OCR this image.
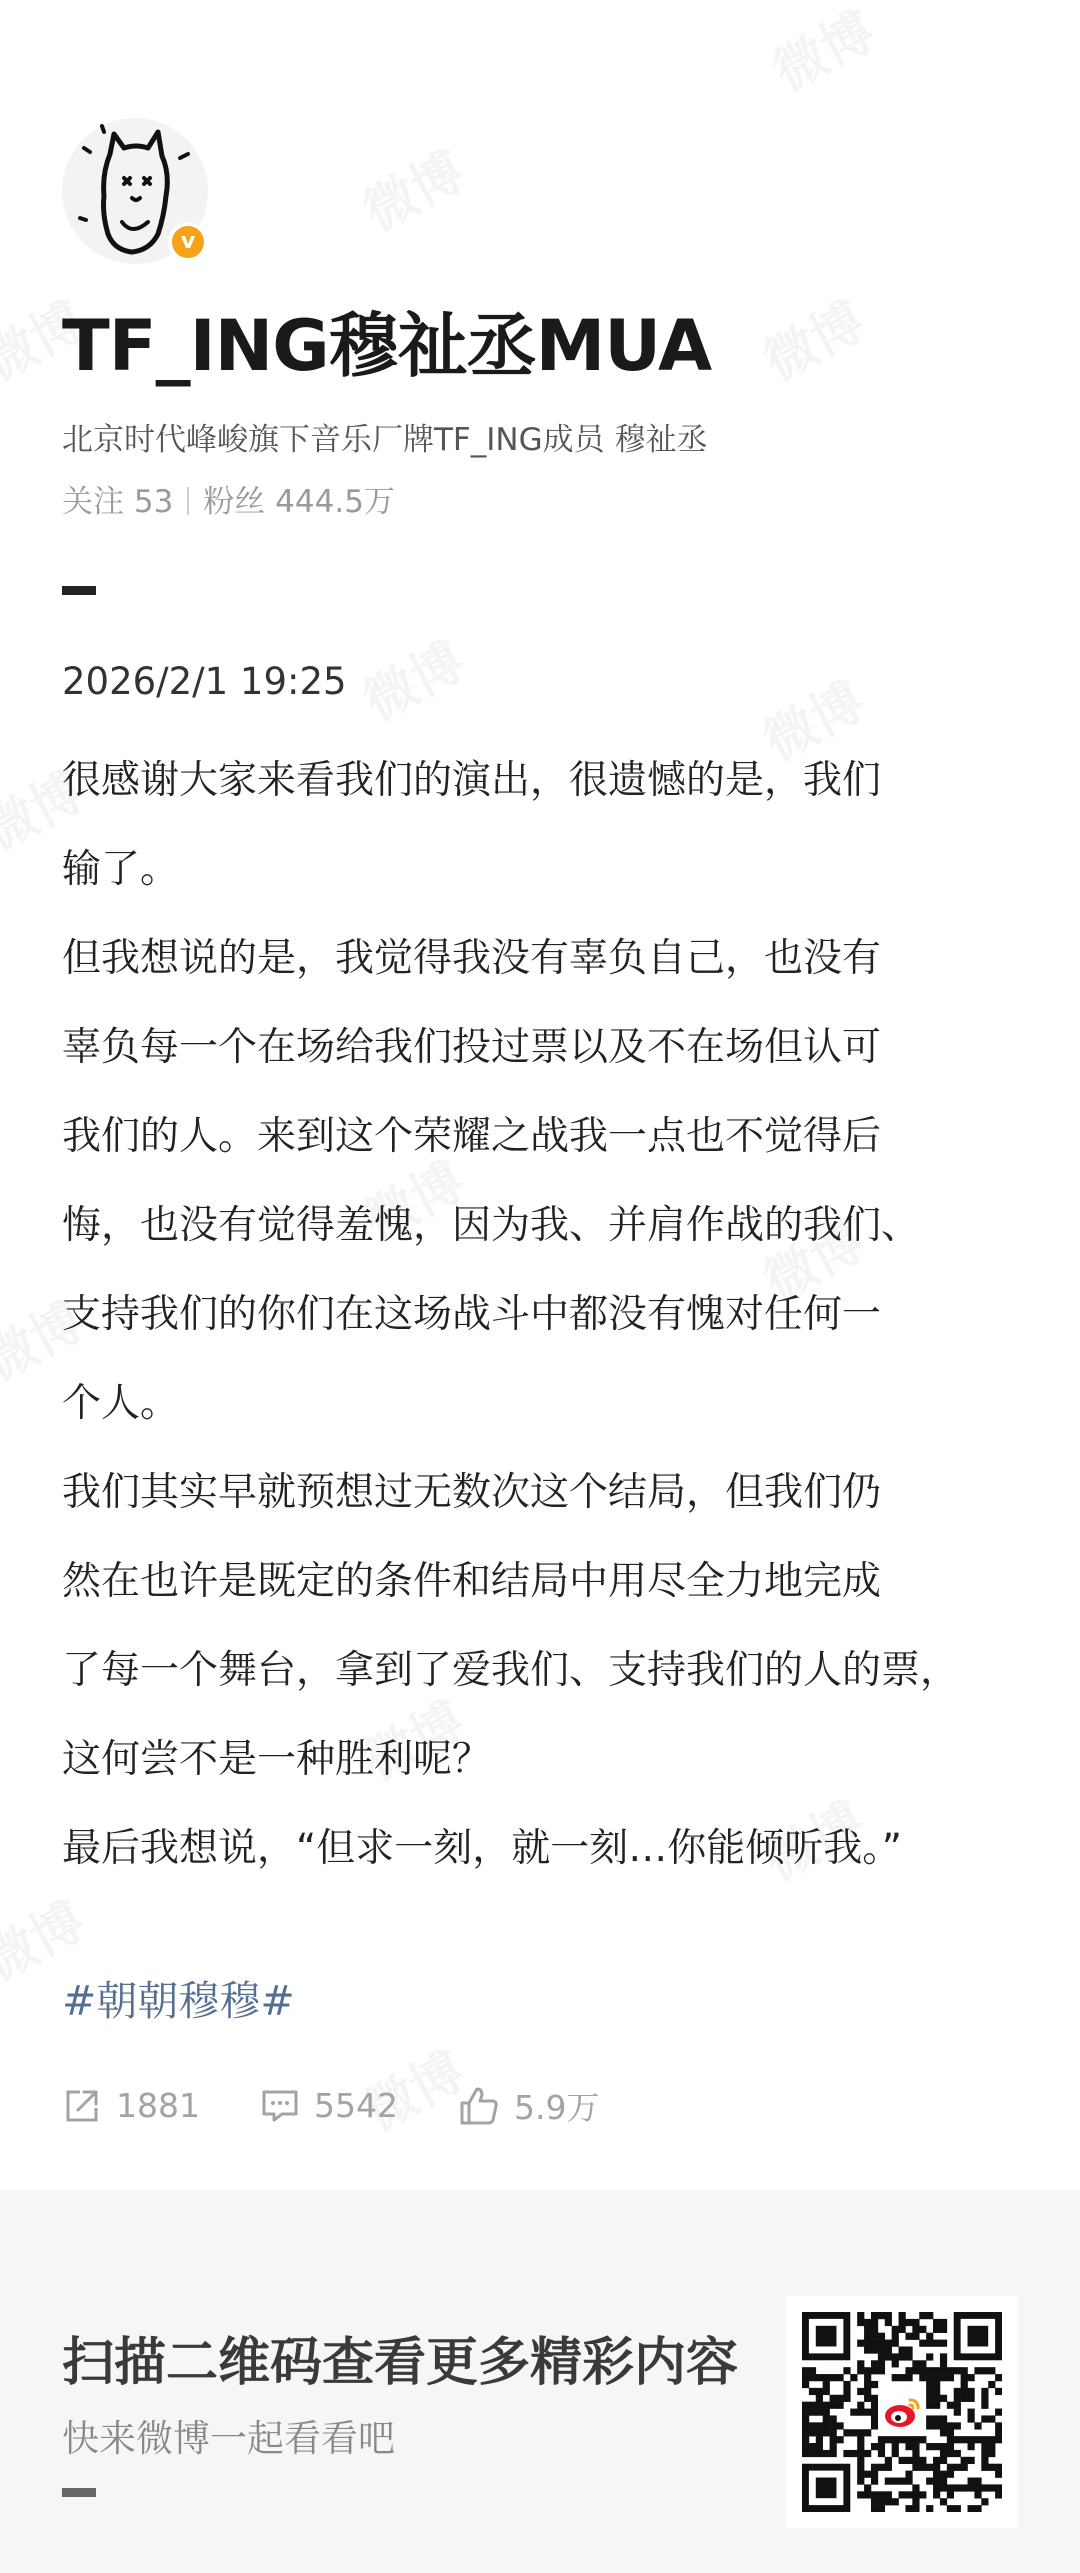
v
TF_ING穆祉丞MUA
北京时代峰峻旗下音乐厂牌TF_ING成员 穆祉丞
关注 53 粉丝 444.5万
2026/2/1 19:25

很感谢大家来看我们的演出，很遗憾的是，我们

输了。

但我想说的是，我觉得我没有辜负自己，也没有

辜负每一个在场给我们投过票以及不在场但认可

我们的人。来到这个荣耀之战我一点也不觉得后

悔，也没有觉得羞愧，因为我、并肩作战的我们、

支持我们的你们在这场战斗中都没有愧对任何一

个人。

我们其实早就预想过无数次这个结局，但我们仍

然在也许是既定的条件和结局中用尽全力地完成

了每一个舞台，拿到了爱我们、支持我们的人的票，

这何尝不是一种胜利呢？

最后我想说，“但求一刻，就一刻…你能倾听我。”

#朝朝穆穆#
1881	5542	5.9万
扫描二维码查看更多精彩内容
快来微博一起看看吧
